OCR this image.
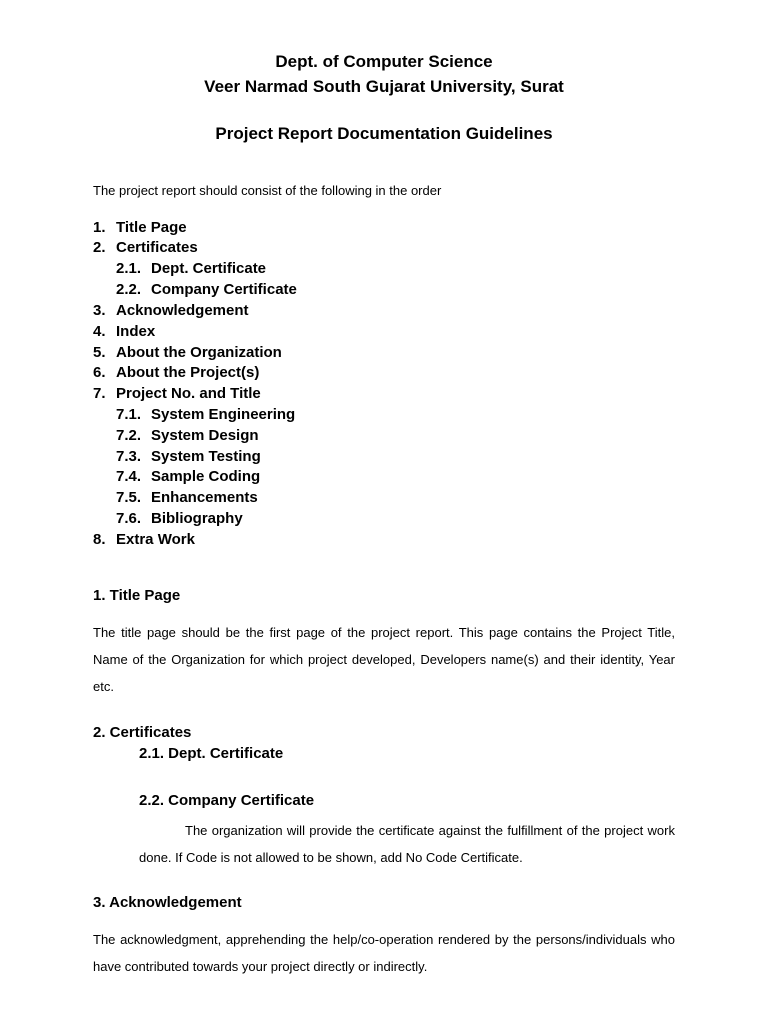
Dept. of Computer Science
Veer Narmad South Gujarat University, Surat
Project Report Documentation Guidelines
The project report should consist of the following in the order
1. Title Page
2. Certificates
2.1. Dept. Certificate
2.2. Company Certificate
3. Acknowledgement
4. Index
5. About the Organization
6. About the Project(s)
7. Project No. and Title
7.1. System Engineering
7.2. System Design
7.3. System Testing
7.4. Sample Coding
7.5. Enhancements
7.6. Bibliography
8. Extra Work
1. Title Page
The title page should be the first page of the project report. This page contains the Project Title, Name of the Organization for which project developed, Developers name(s) and their identity, Year etc.
2. Certificates
2.1. Dept. Certificate
2.2. Company Certificate
The organization will provide the certificate against the fulfillment of the project work done. If Code is not allowed to be shown, add No Code Certificate.
3. Acknowledgement
The acknowledgment, apprehending the help/co-operation rendered by the persons/individuals who have contributed towards your project directly or indirectly.
